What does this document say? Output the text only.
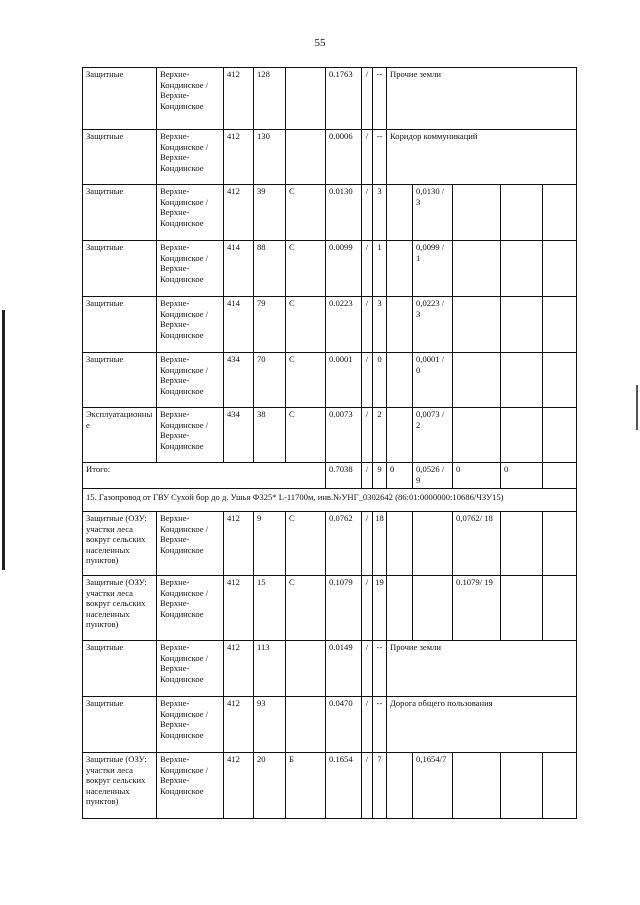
55
Защитные	Верхне-Кондинское / Верхне-Кондинское	412	128		0.1763	/	--	Прочие земли				
Защитные	Верхне-Кондинское / Верхне-Кондинское	412	130		0.0006	/	--	Коридор коммуникаций				
Защитные	Верхне-Кондинское / Верхне-Кондинское	412	39	С	0.0130	/	3		0,0130 / 3			
Защитные	Верхне-Кондинское / Верхне-Кондинское	414	88	С	0.0099	/	1		0,0099 / 1			
Защитные	Верхне-Кондинское / Верхне-Кондинское	414	79	С	0.0223	/	3		0,0223 / 3			
Защитные	Верхне-Кондинское / Верхне-Кондинское	434	70	С	0.0001	/	0		0,0001 / 0			
Эксплуатационные	Верхне-Кондинское / Верхне-Кондинское	434	38	С	0.0073	/	2		0,0073 / 2			
Итого:					0.7038	/	9	0	0,0526 / 9	0	0	
15. Газопровод от ГВУ Сухой бор до д. Ушья Ф325* L-11700м, инв.№УНГ_0302642 (86:01:0000000:10686/ЧЗУ15)												
Защитные (ОЗУ: участки леса вокруг сельских населенных пунктов)	Верхне-Кондинское / Верхне-Кондинское	412	9	С	0.0762	/	18			0,0762/ 18		
Защитные (ОЗУ: участки леса вокруг сельских населенных пунктов)	Верхне-Кондинское / Верхне-Кондинское	412	15	С	0.1079	/	19			0.1079/ 19		
Защитные	Верхне-Кондинское / Верхне-Кондинское	412	113		0.0149	/	--	Прочие земли				
Защитные	Верхне-Кондинское / Верхне-Кондинское	412	93		0.0470	/	--	Дорога общего пользования				
Защитные (ОЗУ: участки леса вокруг сельских населенных пунктов)	Верхне-Кондинское / Верхне-Кондинское	412	20	Б	0.1654	/	7		0,1654/7			
